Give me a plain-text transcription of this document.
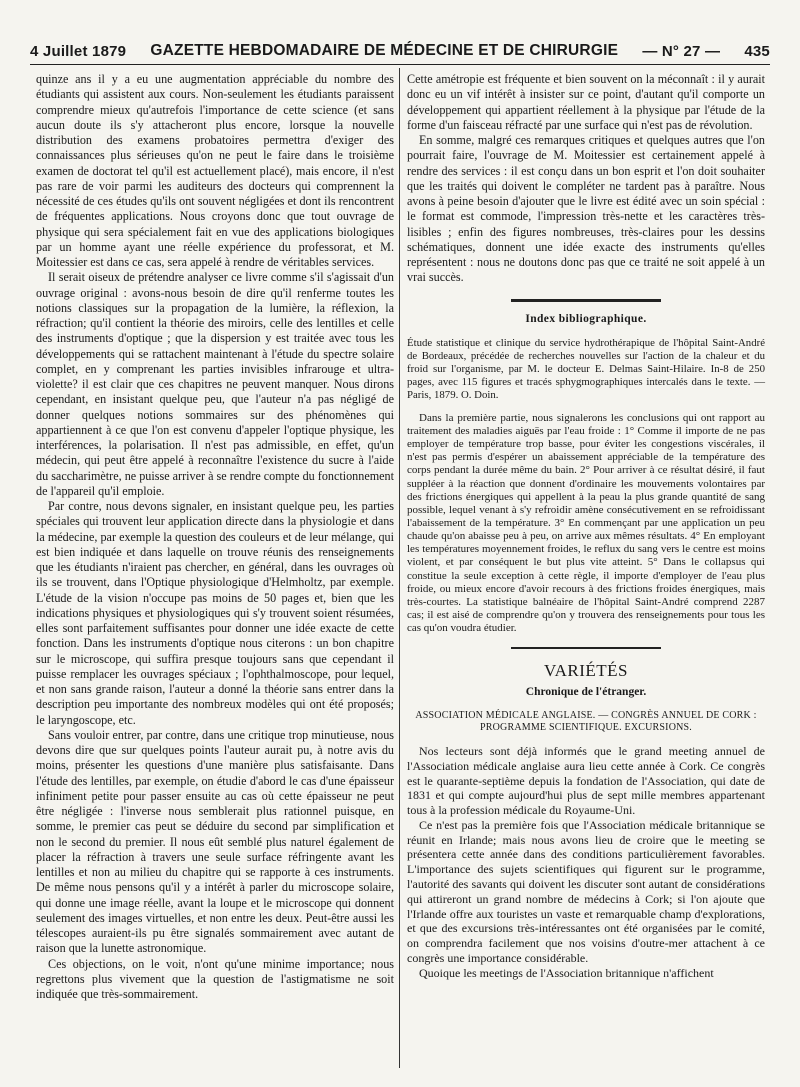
4 Juillet 1879 GAZETTE HEBDOMADAIRE DE MÉDECINE ET DE CHIRURGIE — N° 27 — 435

quinze ans il y a eu une augmentation appréciable du nombre des étudiants qui assistent aux cours. Non-seulement les étudiants paraissent comprendre mieux qu'autrefois l'importance de cette science (et sans aucun doute ils s'y attacheront plus encore, lorsque la nouvelle distribution des examens probatoires permettra d'exiger des connaissances plus sérieuses qu'on ne peut le faire dans le troisième examen de doctorat tel qu'il est actuellement placé), mais encore, il n'est pas rare de voir parmi les auditeurs des docteurs qui comprennent la nécessité de ces études qu'ils ont souvent négligées et dont ils rencontrent de fréquentes applications. Nous croyons donc que tout ouvrage de physique qui sera spécialement fait en vue des applications biologiques par un homme ayant une réelle expérience du professorat, et M. Moitessier est dans ce cas, sera appelé à rendre de véritables services.

Il serait oiseux de prétendre analyser ce livre comme s'il s'agissait d'un ouvrage original : avons-nous besoin de dire qu'il renferme toutes les notions classiques sur la propagation de la lumière, la réflexion, la réfraction; qu'il contient la théorie des miroirs, celle des lentilles et celle des instruments d'optique ; que la dispersion y est traitée avec tous les développements qui se rattachent maintenant à l'étude du spectre solaire complet, en y comprenant les parties invisibles infrarouge et ultra-violette? il est clair que ces chapitres ne peuvent manquer. Nous dirons cependant, en insistant quelque peu, que l'auteur n'a pas négligé de donner quelques notions sommaires sur des phénomènes qui appartiennent à ce que l'on est convenu d'appeler l'optique physique, les interférences, la polarisation. Il n'est pas admissible, en effet, qu'un médecin, qui peut être appelé à reconnaître l'existence du sucre à l'aide du saccharimètre, ne puisse arriver à se rendre compte du fonctionnement de l'appareil qu'il emploie.

Par contre, nous devons signaler, en insistant quelque peu, les parties spéciales qui trouvent leur application directe dans la physiologie et dans la médecine, par exemple la question des couleurs et de leur mélange, qui est bien indiquée et dans laquelle on trouve réunis des renseignements que les étudiants n'iraient pas chercher, en général, dans les ouvrages où ils se trouvent, dans l'Optique physiologique d'Helmholtz, par exemple. L'étude de la vision n'occupe pas moins de 50 pages et, bien que les indications physiques et physiologiques qui s'y trouvent soient résumées, elles sont parfaitement suffisantes pour donner une idée exacte de cette fonction. Dans les instruments d'optique nous citerons : un bon chapitre sur le microscope, qui suffira presque toujours sans que cependant il puisse remplacer les ouvrages spéciaux ; l'ophthalmoscope, pour lequel, et non sans grande raison, l'auteur a donné la théorie sans entrer dans la description peu importante des nombreux modèles qui ont été proposés; le laryngoscope, etc.

Sans vouloir entrer, par contre, dans une critique trop minutieuse, nous devons dire que sur quelques points l'auteur aurait pu, à notre avis du moins, présenter les questions d'une manière plus satisfaisante. Dans l'étude des lentilles, par exemple, on étudie d'abord le cas d'une épaisseur infiniment petite pour passer ensuite au cas où cette épaisseur ne peut être négligée : l'inverse nous semblerait plus rationnel puisque, en somme, le premier cas peut se déduire du second par simplification et non le second du premier. Il nous eût semblé plus naturel également de placer la réfraction à travers une seule surface réfringente avant les lentilles et non au milieu du chapitre qui se rapporte à ces instruments. De même nous pensons qu'il y a intérêt à parler du microscope solaire, qui donne une image réelle, avant la loupe et le microscope qui donnent seulement des images virtuelles, et non entre les deux. Peut-être aussi les télescopes auraient-ils pu être signalés sommairement avec autant de raison que la lunette astronomique.

Ces objections, on le voit, n'ont qu'une minime importance; nous regrettons plus vivement que la question de l'astigmatisme ne soit indiquée que très-sommairement.

Cette amétropie est fréquente et bien souvent on la méconnaît : il y aurait donc eu un vif intérêt à insister sur ce point, d'autant qu'il comporte un développement qui appartient réellement à la physique par l'étude de la forme d'un faisceau réfracté par une surface qui n'est pas de révolution.

En somme, malgré ces remarques critiques et quelques autres que l'on pourrait faire, l'ouvrage de M. Moitessier est certainement appelé à rendre des services : il est conçu dans un bon esprit et l'on doit souhaiter que les traités qui doivent le compléter ne tardent pas à paraître. Nous avons à peine besoin d'ajouter que le livre est édité avec un soin spécial : le format est commode, l'impression très-nette et les caractères très-lisibles ; enfin des figures nombreuses, très-claires pour les dessins schématiques, donnent une idée exacte des instruments qu'elles représentent : nous ne doutons donc pas que ce traité ne soit appelé à un vrai succès.

Index bibliographique.
Étude statistique et clinique du service hydrothérapique de l'hôpital Saint-André de Bordeaux, précédée de recherches nouvelles sur l'action de la chaleur et du froid sur l'organisme, par M. le docteur E. Delmas Saint-Hilaire. In-8 de 250 pages, avec 115 figures et tracés sphygmographiques intercalés dans le texte. — Paris, 1879. O. Doin.

Dans la première partie, nous signalerons les conclusions qui ont rapport au traitement des maladies aiguës par l'eau froide : 1° Comme il importe de ne pas employer de température trop basse, pour éviter les congestions viscérales, il n'est pas permis d'espérer un abaissement appréciable de la température des corps pendant la durée même du bain. 2° Pour arriver à ce résultat désiré, il faut suppléer à la réaction que donnent d'ordinaire les mouvements volontaires par des frictions énergiques qui appellent à la peau la plus grande quantité de sang possible, lequel venant à s'y refroidir amène consécutivement en se refroidissant l'abaissement de la température. 3° En commençant par une application un peu chaude qu'on abaisse peu à peu, on arrive aux mêmes résultats. 4° En employant les températures moyennement froides, le reflux du sang vers le centre est moins violent, et par conséquent le but plus vite atteint. 5° Dans le collapsus qui constitue la seule exception à cette règle, il importe d'employer de l'eau plus froide, ou mieux encore d'avoir recours à des frictions froides énergiques, mais très-courtes. La statistique balnéaire de l'hôpital Saint-André comprend 2287 cas; il est aisé de comprendre qu'on y trouvera des renseignements pour tous les cas qu'on voudra étudier.

VARIÉTÉS
Chronique de l'étranger.
ASSOCIATION MÉDICALE ANGLAISE. — CONGRÈS ANNUEL DE CORK : PROGRAMME SCIENTIFIQUE. EXCURSIONS.

Nos lecteurs sont déjà informés que le grand meeting annuel de l'Association médicale anglaise aura lieu cette année à Cork. Ce congrès est le quarante-septième depuis la fondation de l'Association, qui date de 1831 et qui compte aujourd'hui plus de sept mille membres appartenant tous à la profession médicale du Royaume-Uni.

Ce n'est pas la première fois que l'Association médicale britannique se réunit en Irlande; mais nous avons lieu de croire que le meeting se présentera cette année dans des conditions particulièrement favorables. L'importance des sujets scientifiques qui figurent sur le programme, l'autorité des savants qui doivent les discuter sont autant de considérations qui attireront un grand nombre de médecins à Cork; si l'on ajoute que l'Irlande offre aux touristes un vaste et remarquable champ d'explorations, et que des excursions très-intéressantes ont été organisées par le comité, on comprendra facilement que nos voisins d'outre-mer attachent à ce congrès une importance considérable.

Quoique les meetings de l'Association britannique n'affichent
